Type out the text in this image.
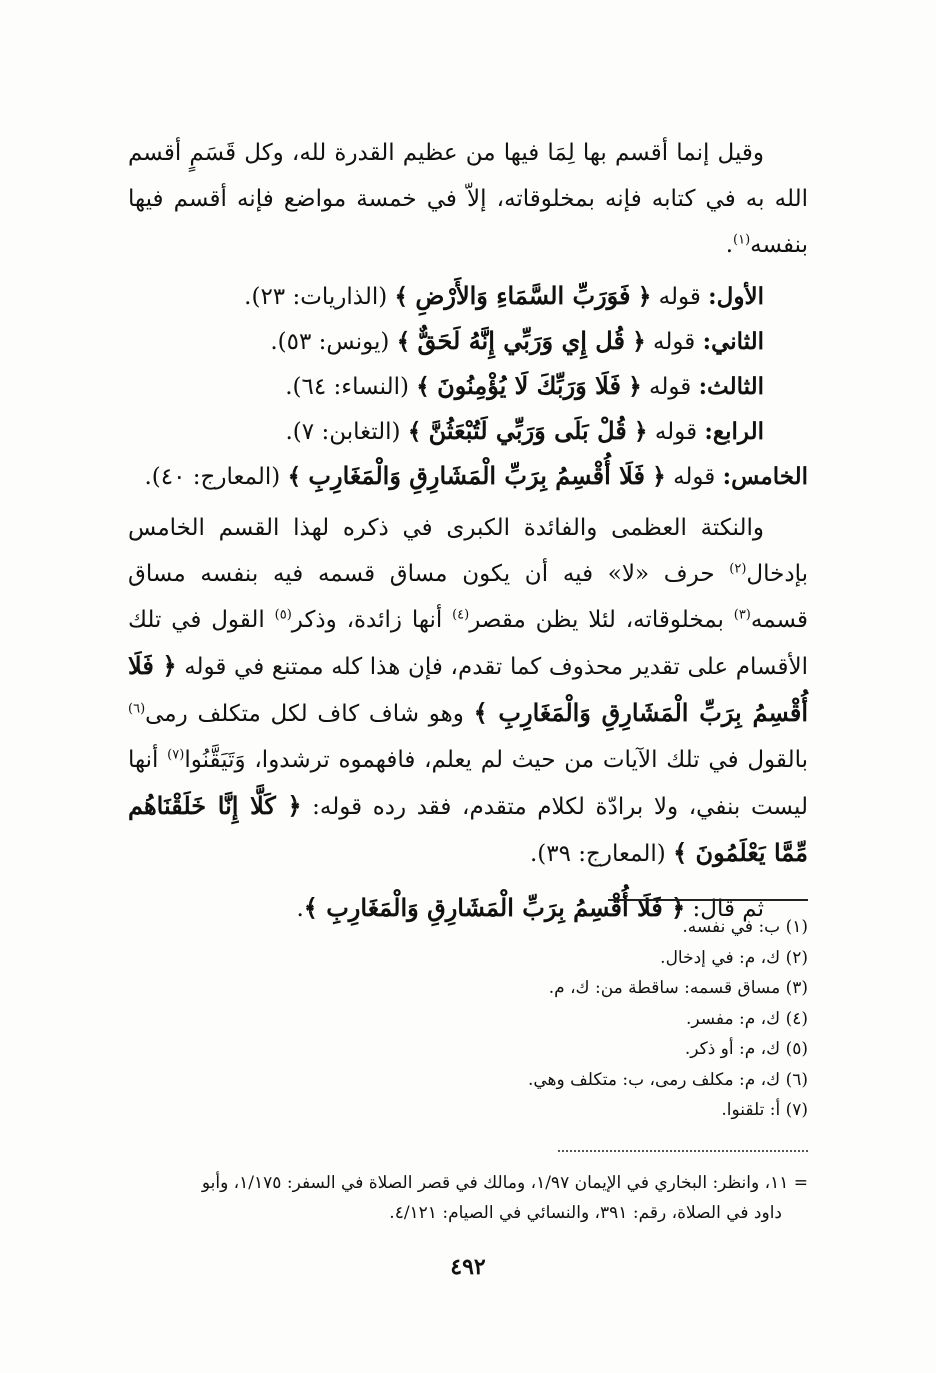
وقيل إنما أقسم بها لِمَا فيها من عظيم القدرة لله، وكل قَسَمٍ أقسم الله به في كتابه فإنه بمخلوقاته، إلاّ في خمسة مواضع فإنه أقسم فيها بنفسه$^{(١)}$.

الأول: قوله ﴿ فَوَرَبِّ السَّمَاءِ وَالأَرْضِ ﴾ (الذاريات: ٢٣).
الثاني: قوله ﴿ قُل إِي وَرَبِّي إِنَّهُ لَحَقٌّ ﴾ (يونس: ٥٣).
الثالث: قوله ﴿ فَلَا وَرَبِّكَ لَا يُؤْمِنُونَ ﴾ (النساء: ٦٤).
الرابع: قوله ﴿ قُلْ بَلَى وَرَبِّي لَتُبْعَثُنَّ ﴾ (التغابن: ٧).
الخامس: قوله ﴿ فَلَا أُقْسِمُ بِرَبِّ الْمَشَارِقِ وَالْمَغَارِبِ ﴾ (المعارج: ٤٠).

والنكتة العظمى والفائدة الكبرى في ذكره لهذا القسم الخامس بإدخال$^{(٢)}$ حرف «لا» فيه أن يكون مساق قسمه فيه بنفسه مساق قسمه$^{(٣)}$ بمخلوقاته، لئلا يظن مقصر$^{(٤)}$ أنها زائدة، وذكر$^{(٥)}$ القول في تلك الأقسام على تقدير محذوف كما تقدم، فإن هذا كله ممتنع في قوله ﴿ فَلَا أُقْسِمُ بِرَبِّ الْمَشَارِقِ وَالْمَغَارِبِ ﴾ وهو شاف كاف لكل متكلف رمى$^{(٦)}$ بالقول في تلك الآيات من حيث لم يعلم، فافهموه ترشدوا، وَتَيَقَّنُوا$^{(٧)}$ أنها ليست بنفي، ولا برادّة لكلام متقدم، فقد رده قوله: ﴿ كَلَّا إِنَّا خَلَقْنَاهُم مِّمَّا يَعْلَمُونَ ﴾ (المعارج: ٣٩).

ثم قال: ﴿ فَلَا أُقْسِمُ بِرَبِّ الْمَشَارِقِ وَالْمَغَارِبِ ﴾.

(١) ب: في نفسه.

(٢) ك، م: في إدخال.

(٣) مساق قسمه: ساقطة من: ك، م.

(٤) ك، م: مفسر.

(٥) ك، م: أو ذكر.

(٦) ك، م: مكلف رمى، ب: متكلف وهي.

(٧) أ: تلقنوا.

= ١١، وانظر: البخاري في الإيمان ١/٩٧، ومالك في قصر الصلاة في السفر: ١/١٧٥، وأبو
داود في الصلاة، رقم: ٣٩١، والنسائي في الصيام: ٤/١٢١.
٤٩٢
